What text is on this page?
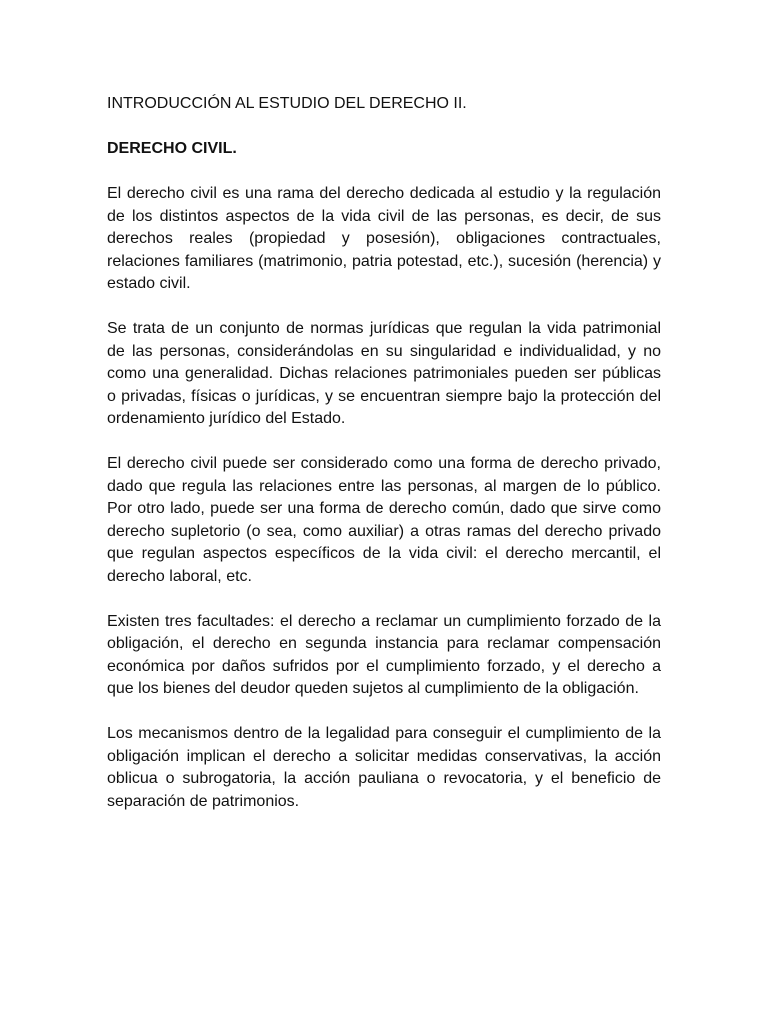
INTRODUCCIÓN AL ESTUDIO DEL DERECHO II.
DERECHO CIVIL.

El derecho civil es una rama del derecho dedicada al estudio y la regulación de los distintos aspectos de la vida civil de las personas, es decir, de sus derechos reales (propiedad y posesión), obligaciones contractuales, relaciones familiares (matrimonio, patria potestad, etc.), sucesión (herencia) y estado civil.

Se trata de un conjunto de normas jurídicas que regulan la vida patrimonial de las personas, considerándolas en su singularidad e individualidad, y no como una generalidad. Dichas relaciones patrimoniales pueden ser públicas o privadas, físicas o jurídicas, y se encuentran siempre bajo la protección del ordenamiento jurídico del Estado.

El derecho civil puede ser considerado como una forma de derecho privado, dado que regula las relaciones entre las personas, al margen de lo público. Por otro lado, puede ser una forma de derecho común, dado que sirve como derecho supletorio (o sea, como auxiliar) a otras ramas del derecho privado que regulan aspectos específicos de la vida civil: el derecho mercantil, el derecho laboral, etc.

Existen tres facultades: el derecho a reclamar un cumplimiento forzado de la obligación, el derecho en segunda instancia para reclamar compensación económica por daños sufridos por el cumplimiento forzado, y el derecho a que los bienes del deudor queden sujetos al cumplimiento de la obligación.

Los mecanismos dentro de la legalidad para conseguir el cumplimiento de la obligación implican el derecho a solicitar medidas conservativas, la acción oblicua o subrogatoria, la acción pauliana o revocatoria, y el beneficio de separación de patrimonios.
